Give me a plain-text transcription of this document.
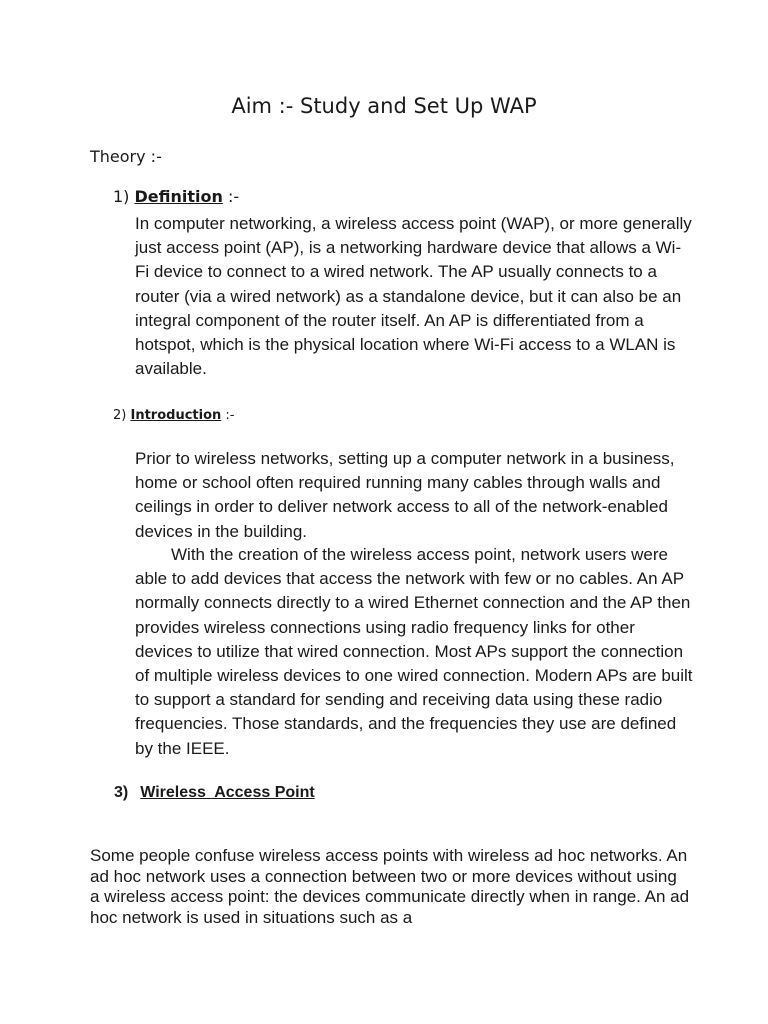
Aim :- Study and Set Up WAP
Theory :-
1) Definition :-

In computer networking, a wireless access point (WAP), or more generally just access point (AP), is a networking hardware device that allows a Wi-Fi device to connect to a wired network. The AP usually connects to a router (via a wired network) as a standalone device, but it can also be an integral component of the router itself. An AP is differentiated from a hotspot, which is the physical location where Wi-Fi access to a WLAN is available.

2) Introduction :-

Prior to wireless networks, setting up a computer network in a business, home or school often required running many cables through walls and ceilings in order to deliver network access to all of the network-enabled devices in the building.

With the creation of the wireless access point, network users were able to add devices that access the network with few or no cables. An AP normally connects directly to a wired Ethernet connection and the AP then provides wireless connections using radio frequency links for other devices to utilize that wired connection. Most APs support the connection of multiple wireless devices to one wired connection. Modern APs are built to support a standard for sending and receiving data using these radio frequencies. Those standards, and the frequencies they use are defined by the IEEE.

3) Wireless  Access Point

Some people confuse wireless access points with wireless ad hoc networks. An ad hoc network uses a connection between two or more devices without using a wireless access point: the devices communicate directly when in range. An ad hoc network is used in situations such as a
